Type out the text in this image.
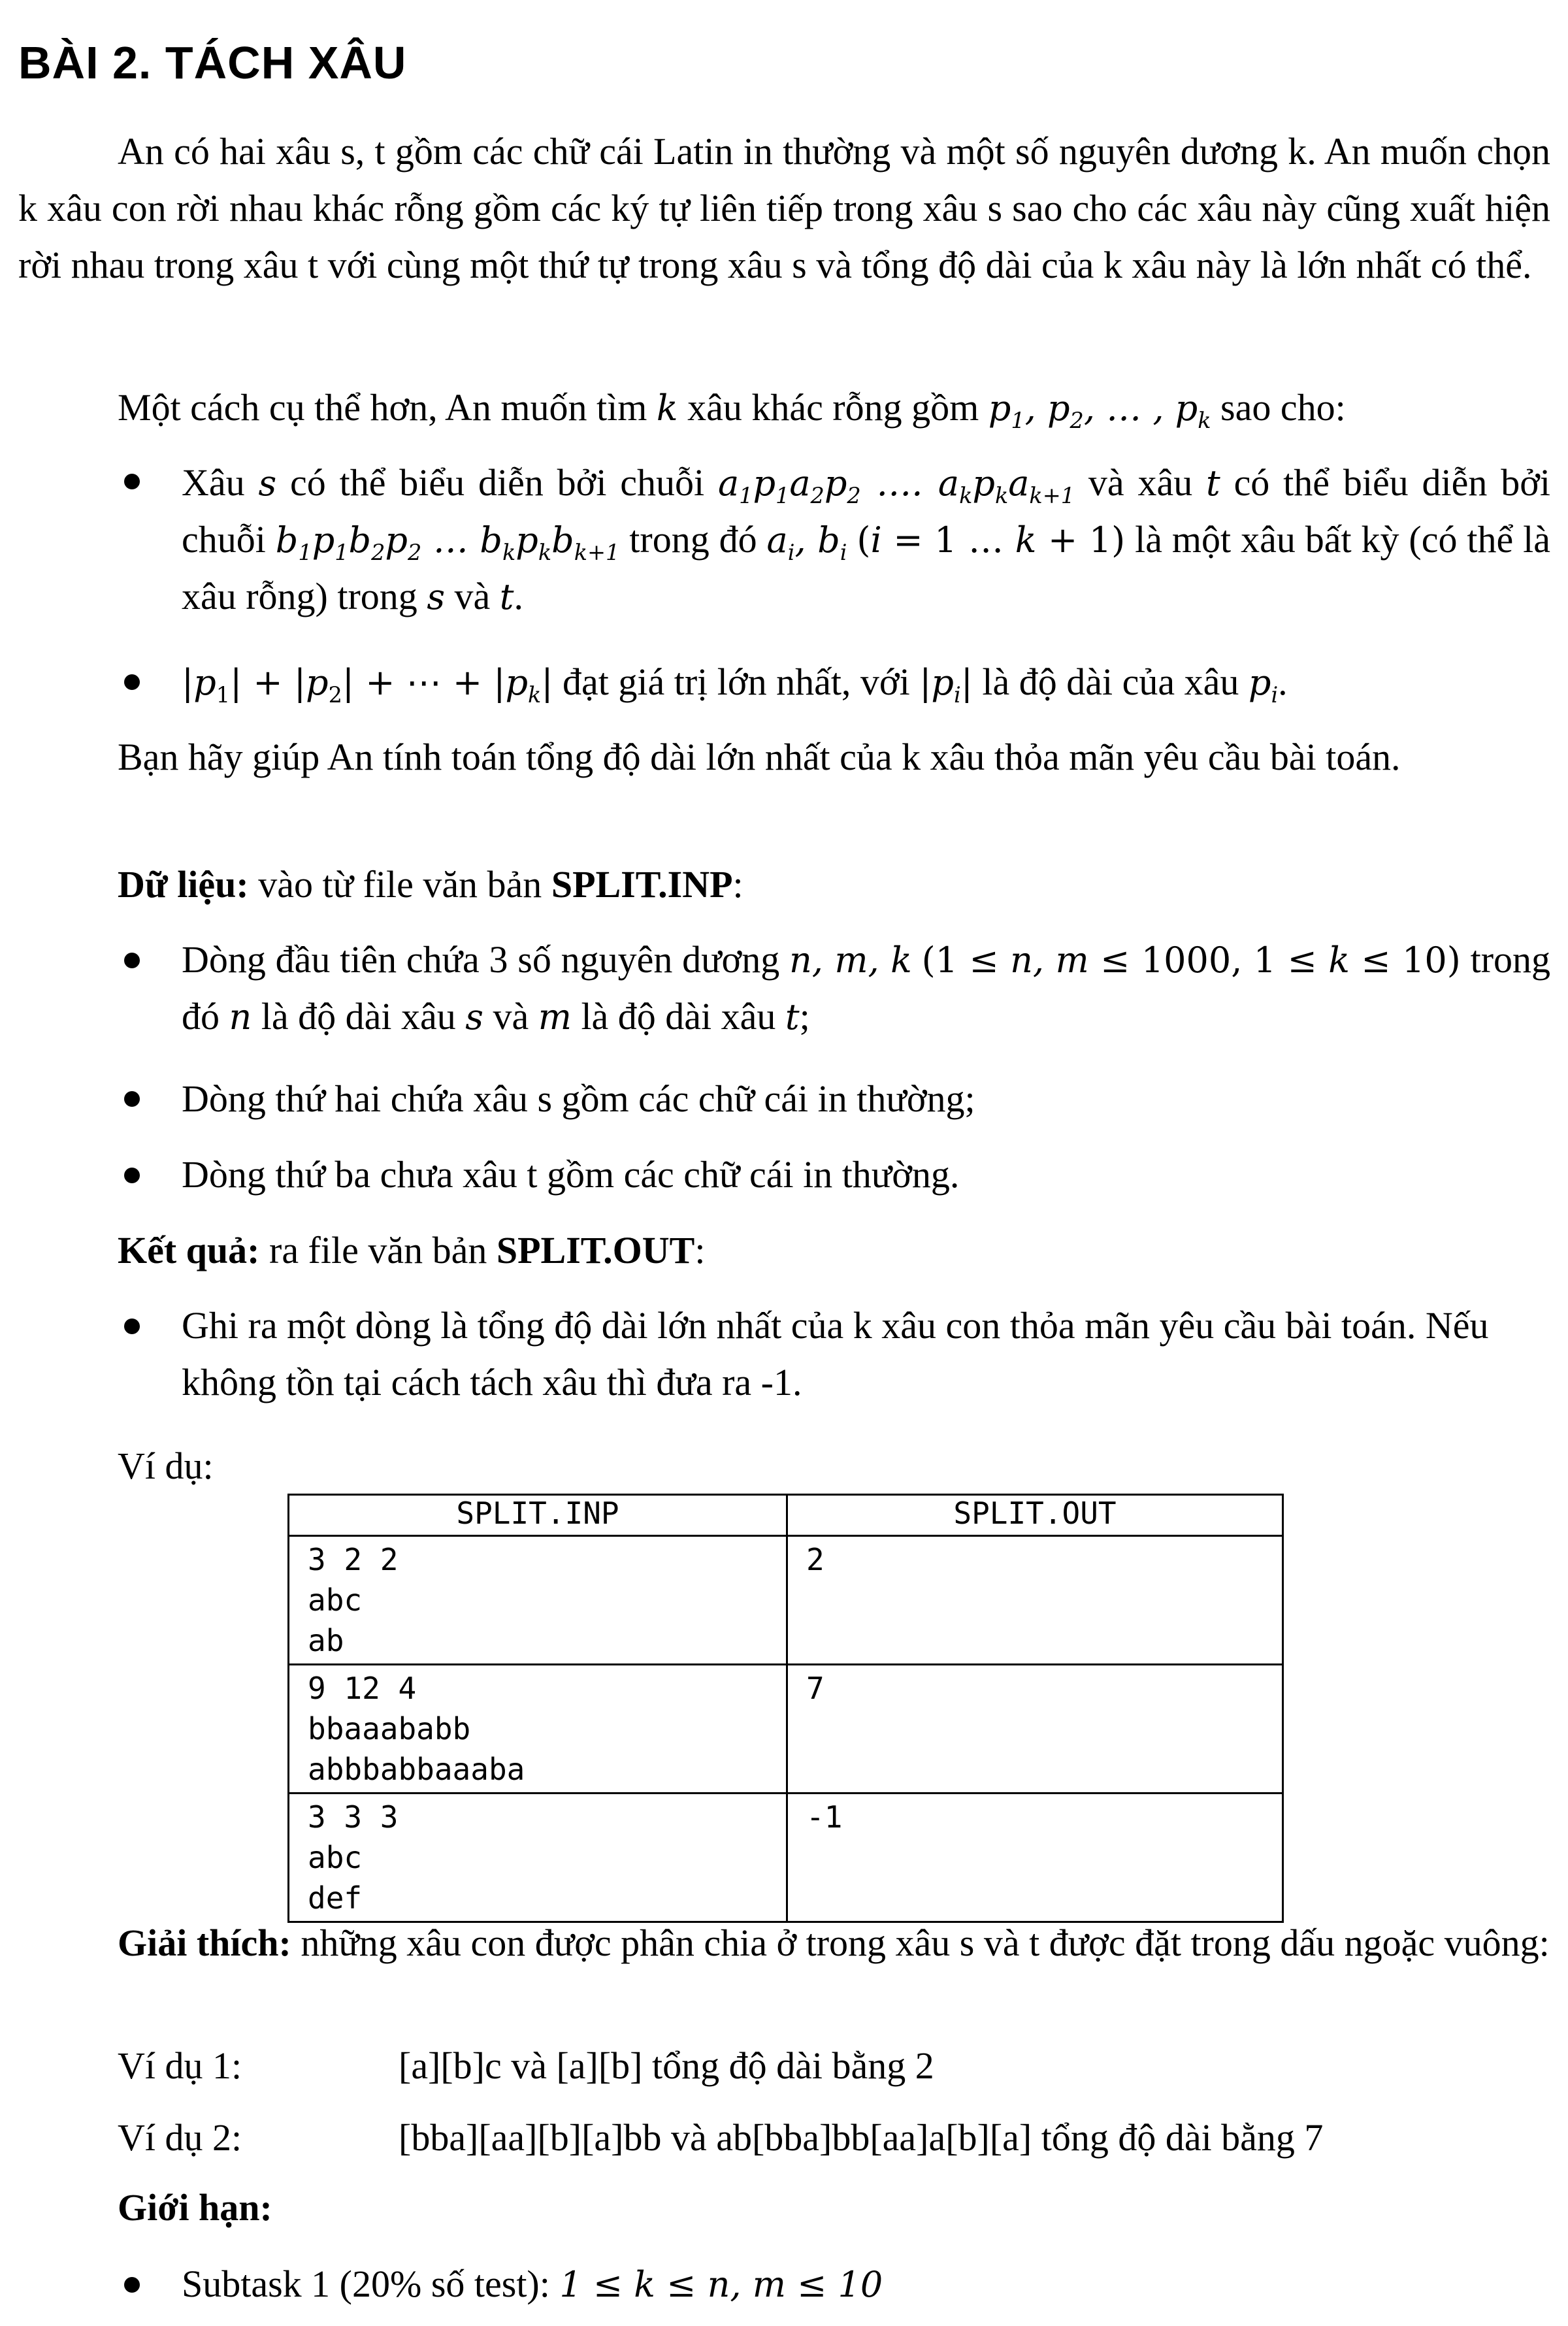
BÀI 2. TÁCH XÂU
An có hai xâu s, t gồm các chữ cái Latin in thường và một số nguyên dương k. An muốn chọn k xâu con rời nhau khác rỗng gồm các ký tự liên tiếp trong xâu s sao cho các xâu này cũng xuất hiện rời nhau trong xâu t với cùng một thứ tự trong xâu s và tổng độ dài của k xâu này là lớn nhất có thể.
Một cách cụ thể hơn, An muốn tìm k xâu khác rỗng gồm $p_1$, $p_2$, … , $p_k$ sao cho:
Xâu s có thể biểu diễn bởi chuỗi $a_1p_1a_2p_2$ …. $a_kp_ka_{k+1}$ và xâu t có thể biểu diễn bởi chuỗi $b_1p_1b_2p_2$ … $b_kp_kb_{k+1}$ trong đó $a_i$, $b_i$ (i = 1 … k + 1) là một xâu bất kỳ (có thể là xâu rỗng) trong s và t.
$|p_1| + |p_2|$ + ⋯ + $|p_k|$ đạt giá trị lớn nhất, với $|p_i|$ là độ dài của xâu $p_i$.
Bạn hãy giúp An tính toán tổng độ dài lớn nhất của k xâu thỏa mãn yêu cầu bài toán.
Dữ liệu: vào từ file văn bản SPLIT.INP:
Dòng đầu tiên chứa 3 số nguyên dương n, m, k (1 ≤ n, m ≤ 1000, 1 ≤ k ≤ 10) trong đó n là độ dài xâu s và m là độ dài xâu t;
Dòng thứ hai chứa xâu s gồm các chữ cái in thường;
Dòng thứ ba chưa xâu t gồm các chữ cái in thường.
Kết quả: ra file văn bản SPLIT.OUT:
Ghi ra một dòng là tổng độ dài lớn nhất của k xâu con thỏa mãn yêu cầu bài toán. Nếu không tồn tại cách tách xâu thì đưa ra -1.
Ví dụ:
SPLIT.INP	SPLIT.OUT
3 2 2
abc
ab	2
9 12 4
bbaaababb
abbbabbaaaba	7
3 3 3
abc
def	-1
Giải thích: những xâu con được phân chia ở trong xâu s và t được đặt trong dấu ngoặc vuông:
Ví dụ 1:	[a][b]c và [a][b] tổng độ dài bằng 2
Ví dụ 2:	[bba][aa][b][a]bb và ab[bba]bb[aa]a[b][a] tổng độ dài bằng 7
Giới hạn:
Subtask 1 (20% số test): 1 ≤ k ≤ n, m ≤ 10
